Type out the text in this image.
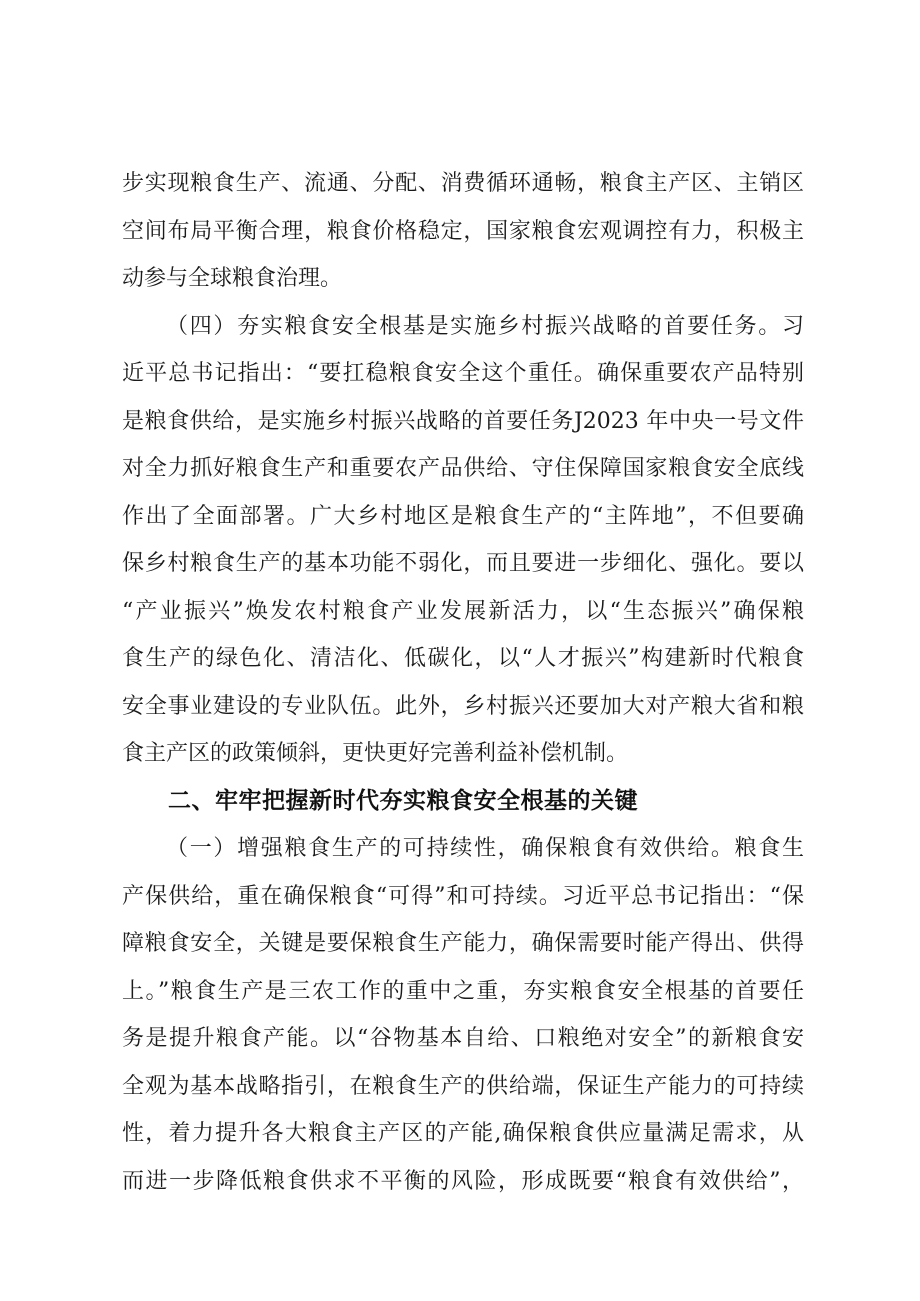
步实现粮食生产、流通、分配、消费循环通畅，粮食主产区、主销区
空间布局平衡合理，粮食价格稳定，国家粮食宏观调控有力，积极主
动参与全球粮食治理。
（四）夯实粮食安全根基是实施乡村振兴战略的首要任务。习
近平总书记指出：“要扛稳粮食安全这个重任。确保重要农产品特别
是粮食供给，是实施乡村振兴战略的首要任务J2023 年中央一号文件
对全力抓好粮食生产和重要农产品供给、守住保障国家粮食安全底线
作出了全面部署。广大乡村地区是粮食生产的“主阵地”，不但要确
保乡村粮食生产的基本功能不弱化，而且要进一步细化、强化。要以
“产业振兴”焕发农村粮食产业发展新活力，以“生态振兴”确保粮
食生产的绿色化、清洁化、低碳化，以“人才振兴”构建新时代粮食
安全事业建设的专业队伍。此外，乡村振兴还要加大对产粮大省和粮
食主产区的政策倾斜，更快更好完善利益补偿机制。
二、牢牢把握新时代夯实粮食安全根基的关键
（一）增强粮食生产的可持续性，确保粮食有效供给。粮食生
产保供给，重在确保粮食“可得”和可持续。习近平总书记指出：“保
障粮食安全，关键是要保粮食生产能力，确保需要时能产得出、供得
上。”粮食生产是三农工作的重中之重，夯实粮食安全根基的首要任
务是提升粮食产能。以“谷物基本自给、口粮绝对安全”的新粮食安
全观为基本战略指引，在粮食生产的供给端，保证生产能力的可持续
性，着力提升各大粮食主产区的产能,确保粮食供应量满足需求，从
而进一步降低粮食供求不平衡的风险，形成既要“粮食有效供给”，
